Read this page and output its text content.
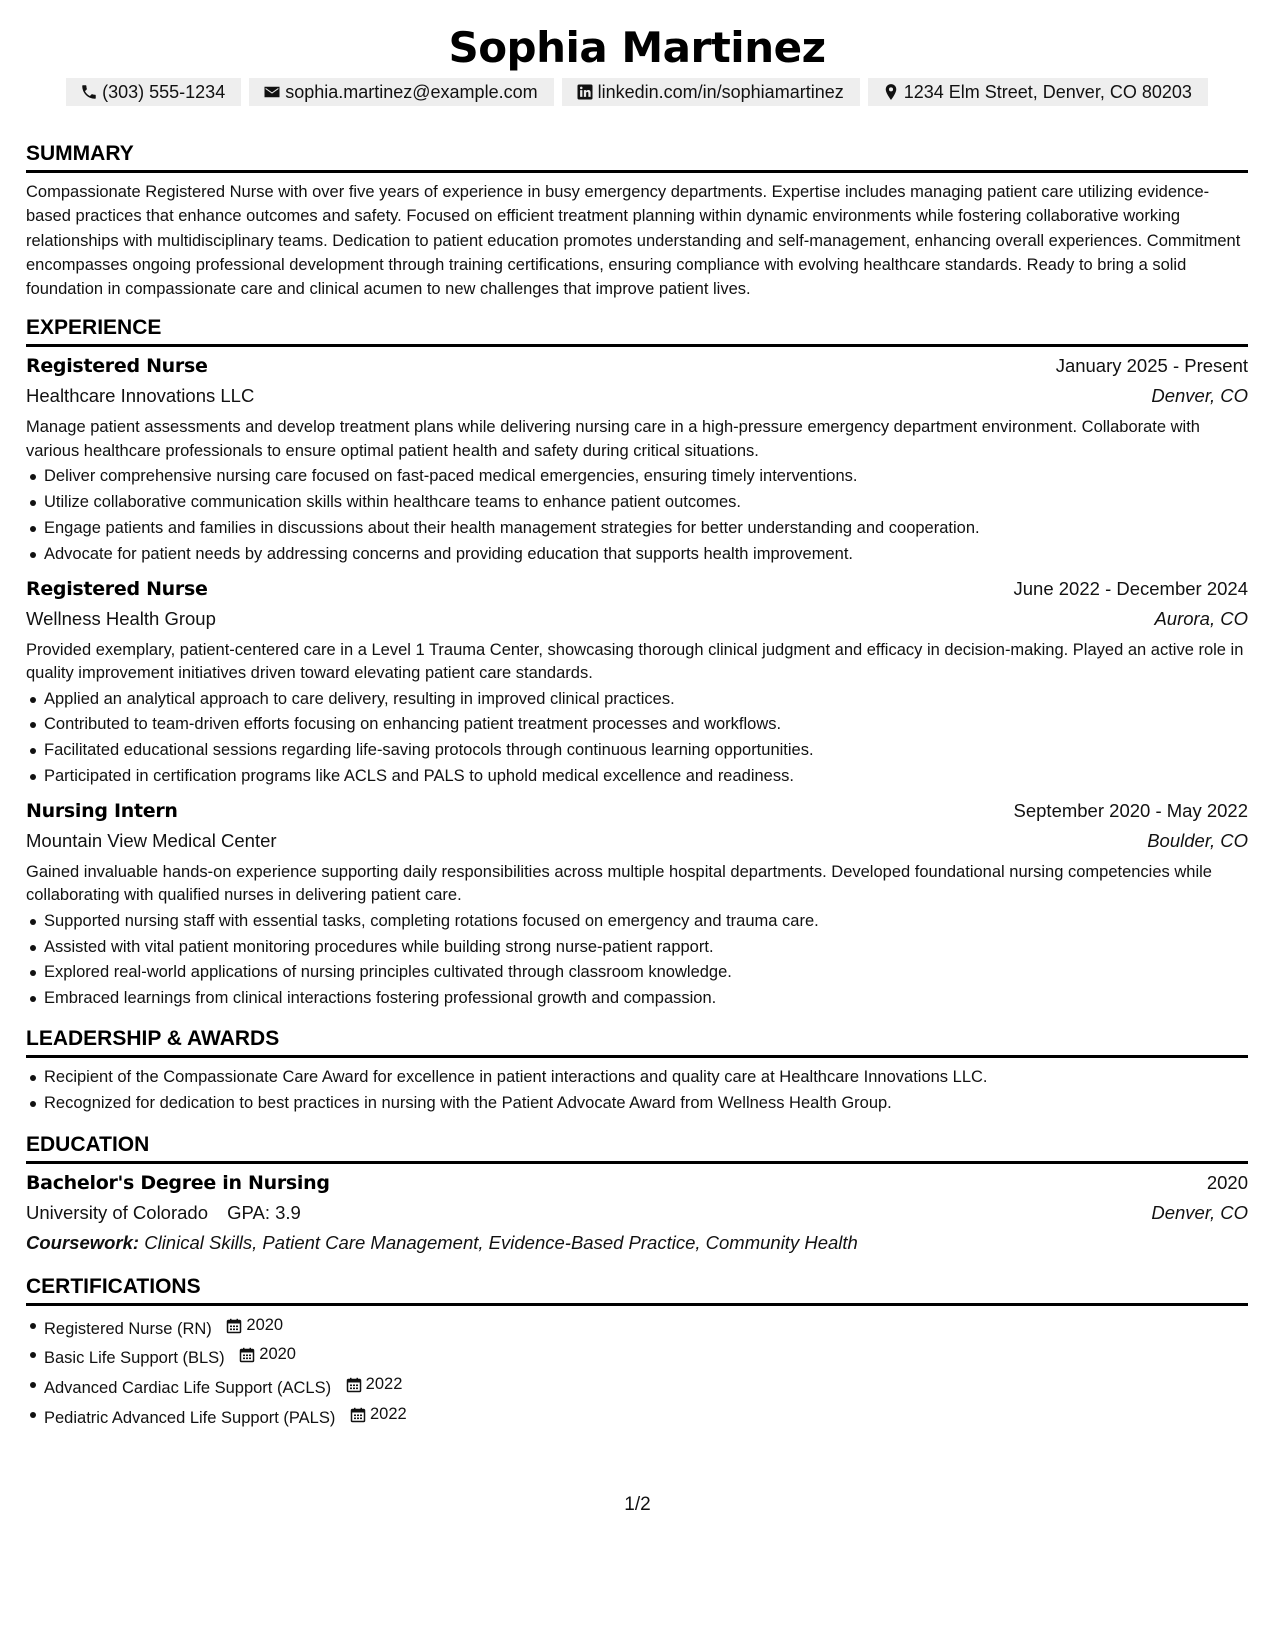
Sophia Martinez
(303) 555-1234	sophia.martinez@example.com	linkedin.com/in/sophiamartinez	1234 Elm Street, Denver, CO 80203
SUMMARY
Compassionate Registered Nurse with over five years of experience in busy emergency departments. Expertise includes managing patient care utilizing evidence-based practices that enhance outcomes and safety. Focused on efficient treatment planning within dynamic environments while fostering collaborative working relationships with multidisciplinary teams. Dedication to patient education promotes understanding and self-management, enhancing overall experiences. Commitment encompasses ongoing professional development through training certifications, ensuring compliance with evolving healthcare standards. Ready to bring a solid foundation in compassionate care and clinical acumen to new challenges that improve patient lives.
EXPERIENCE
Registered Nurse	January 2025 - Present
Healthcare Innovations LLC	Denver, CO
Manage patient assessments and develop treatment plans while delivering nursing care in a high-pressure emergency department environment. Collaborate with various healthcare professionals to ensure optimal patient health and safety during critical situations.
Deliver comprehensive nursing care focused on fast-paced medical emergencies, ensuring timely interventions.
Utilize collaborative communication skills within healthcare teams to enhance patient outcomes.
Engage patients and families in discussions about their health management strategies for better understanding and cooperation.
Advocate for patient needs by addressing concerns and providing education that supports health improvement.
Registered Nurse	June 2022 - December 2024
Wellness Health Group	Aurora, CO
Provided exemplary, patient-centered care in a Level 1 Trauma Center, showcasing thorough clinical judgment and efficacy in decision-making. Played an active role in quality improvement initiatives driven toward elevating patient care standards.
Applied an analytical approach to care delivery, resulting in improved clinical practices.
Contributed to team-driven efforts focusing on enhancing patient treatment processes and workflows.
Facilitated educational sessions regarding life-saving protocols through continuous learning opportunities.
Participated in certification programs like ACLS and PALS to uphold medical excellence and readiness.
Nursing Intern	September 2020 - May 2022
Mountain View Medical Center	Boulder, CO
Gained invaluable hands-on experience supporting daily responsibilities across multiple hospital departments. Developed foundational nursing competencies while collaborating with qualified nurses in delivering patient care.
Supported nursing staff with essential tasks, completing rotations focused on emergency and trauma care.
Assisted with vital patient monitoring procedures while building strong nurse-patient rapport.
Explored real-world applications of nursing principles cultivated through classroom knowledge.
Embraced learnings from clinical interactions fostering professional growth and compassion.
LEADERSHIP & AWARDS
Recipient of the Compassionate Care Award for excellence in patient interactions and quality care at Healthcare Innovations LLC.
Recognized for dedication to best practices in nursing with the Patient Advocate Award from Wellness Health Group.
EDUCATION
Bachelor's Degree in Nursing	2020
University of Colorado GPA: 3.9	Denver, CO
Coursework: Clinical Skills, Patient Care Management, Evidence-Based Practice, Community Health
CERTIFICATIONS
Registered Nurse (RN) 2020
Basic Life Support (BLS) 2020
Advanced Cardiac Life Support (ACLS) 2022
Pediatric Advanced Life Support (PALS) 2022
1/2
